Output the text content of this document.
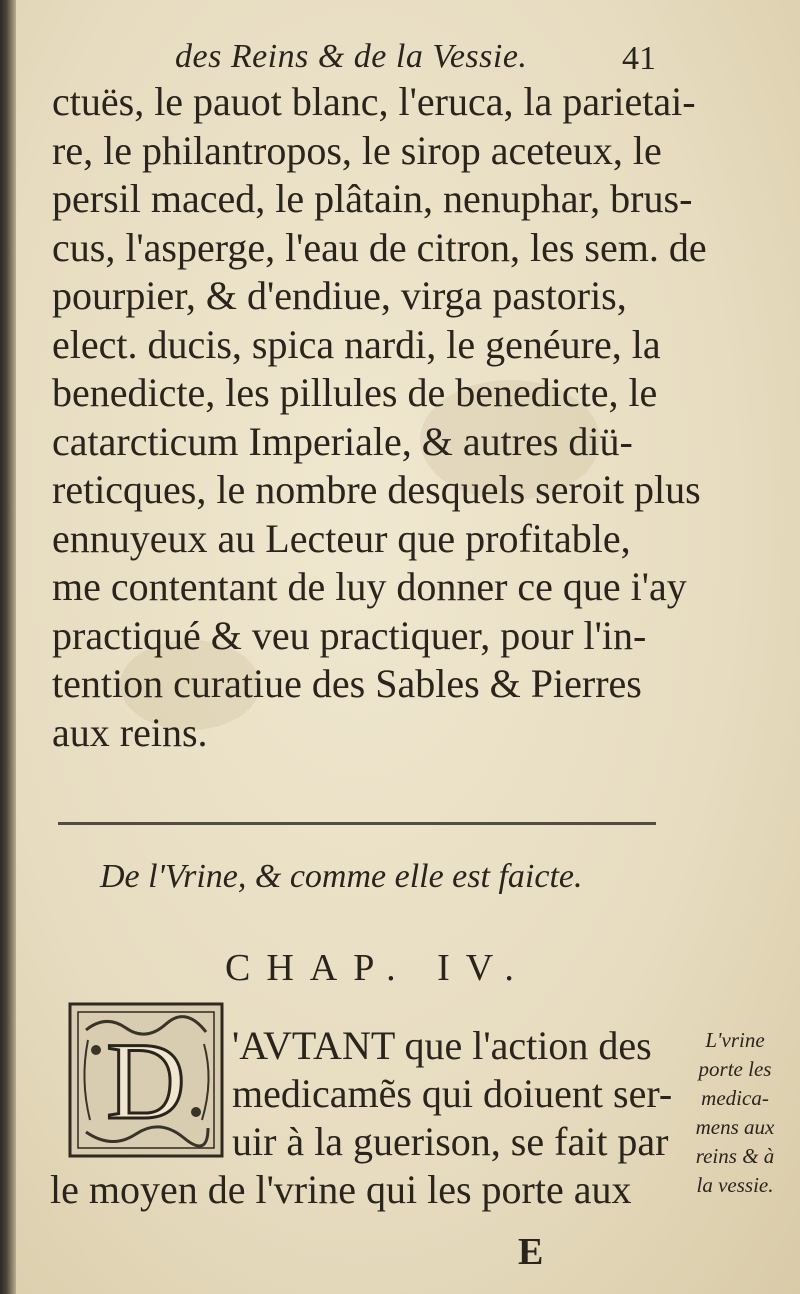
des Reins & de la Vessie.	41
ctuës, le pauot blanc, l'eruca, la parietai-
re, le philantropos, le sirop aceteux, le
persil maced, le plâtain, nenuphar, brus-
cus, l'asperge, l'eau de citron, les sem. de
pourpier, & d'endiue, virga pastoris,
elect. ducis, spica nardi, le genéure, la
benedicte, les pillules de benedicte, le
catarcticum Imperiale, & autres diü-
reticques, le nombre desquels seroit plus
ennuyeux au Lecteur que profitable,
me contentant de luy donner ce que i'ay
practiqué & veu practiquer, pour l'in-
tention curatiue des Sables & Pierres
aux reins.
De l'Vrine, & comme elle est faicte.
CHAP. IV.
D 'AVTANT que l'action des
medicamẽs qui doiuent ser-
uir à la guerison, se fait par
le moyen de l'vrine qui les porte aux
L'vrine
porte les
medica-
mens aux
reins & à
la vessie.
E
